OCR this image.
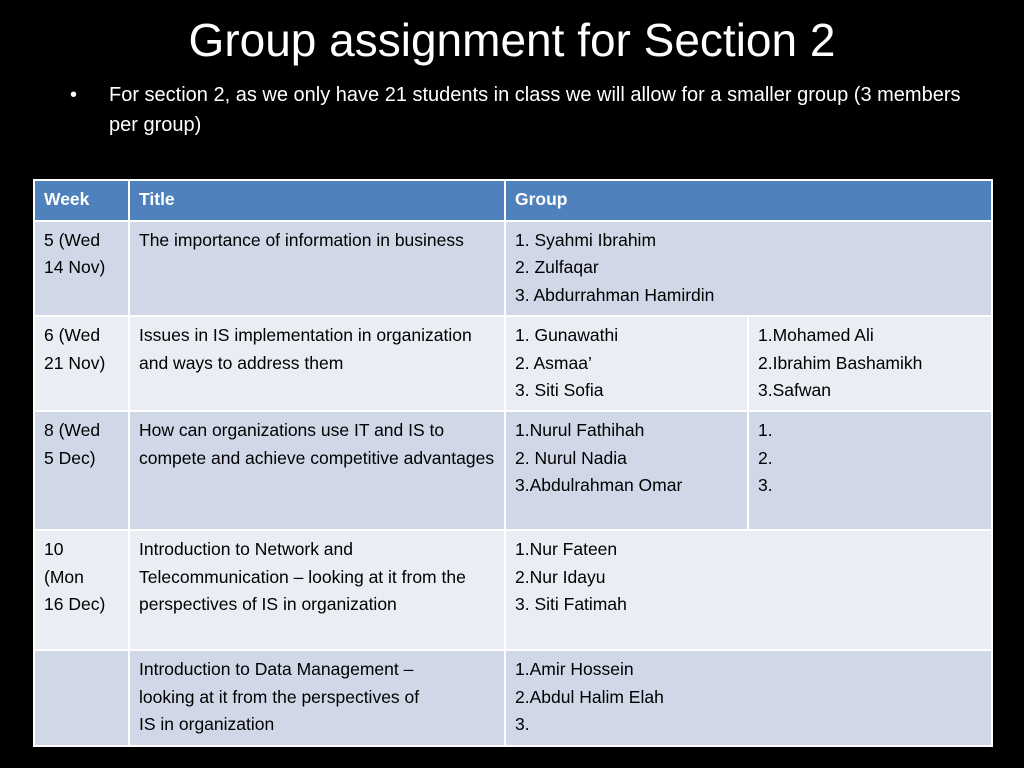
Group assignment for Section 2
•	For section 2, as we only have 21 students in class we will allow for a smaller group (3 members per group)
Week	Title	Group	

5 (Wed
14 Nov)	The importance of information in business	1. Syahmi Ibrahim
2. Zulfaqar
3. Abdurrahman Hamirdin	

6 (Wed
21 Nov)	Issues in IS implementation in organization and ways to address them	1. Gunawathi
2. Asmaa’
3. Siti Sofia	1.Mohamed Ali
2.Ibrahim Bashamikh
3.Safwan

8 (Wed
5 Dec)	How can organizations use IT and IS to compete and achieve competitive advantages	1.Nurul Fathihah
2. Nurul Nadia
3.Abdulrahman Omar	1.
2.
3.

10
(Mon
16 Dec)	Introduction to Network and Telecommunication – looking at it from the perspectives of IS in organization	1.Nur Fateen
2.Nur Idayu
3. Siti Fatimah	

	Introduction to Data Management –
looking at it from the perspectives of
IS in organization	1.Amir Hossein
2.Abdul Halim Elah
3.	
